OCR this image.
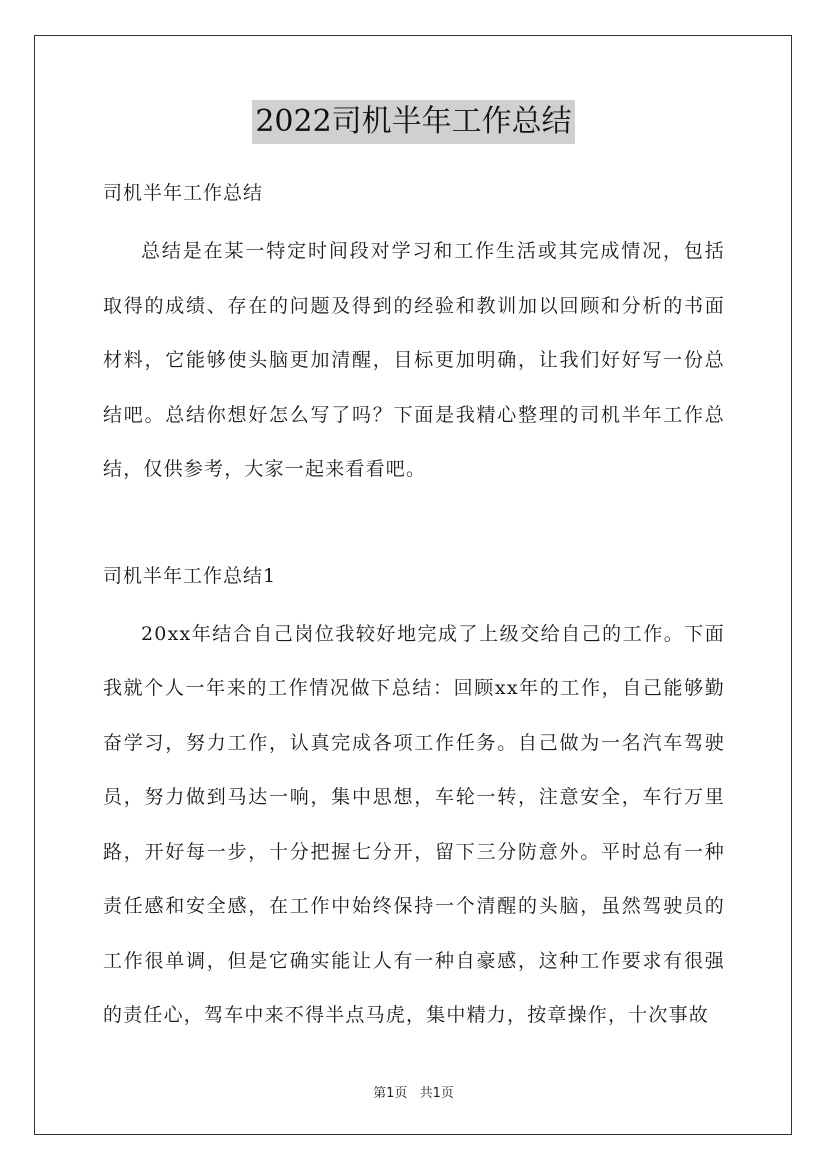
2022司机半年工作总结

司机半年工作总结

总结是在某一特定时间段对学习和工作生活或其完成情况，包括取得的成绩、存在的问题及得到的经验和教训加以回顾和分析的书面材料，它能够使头脑更加清醒，目标更加明确，让我们好好写一份总结吧。总结你想好怎么写了吗？下面是我精心整理的司机半年工作总结，仅供参考，大家一起来看看吧。

司机半年工作总结1

20xx年结合自己岗位我较好地完成了上级交给自己的工作。下面我就个人一年来的工作情况做下总结：回顾xx年的工作，自己能够勤奋学习，努力工作，认真完成各项工作任务。自己做为一名汽车驾驶员，努力做到马达一响，集中思想，车轮一转，注意安全，车行万里路，开好每一步，十分把握七分开，留下三分防意外。平时总有一种责任感和安全感，在工作中始终保持一个清醒的头脑，虽然驾驶员的工作很单调，但是它确实能让人有一种自豪感，这种工作要求有很强的责任心，驾车中来不得半点马虎，集中精力，按章操作，十次事故

第1页 共1页
